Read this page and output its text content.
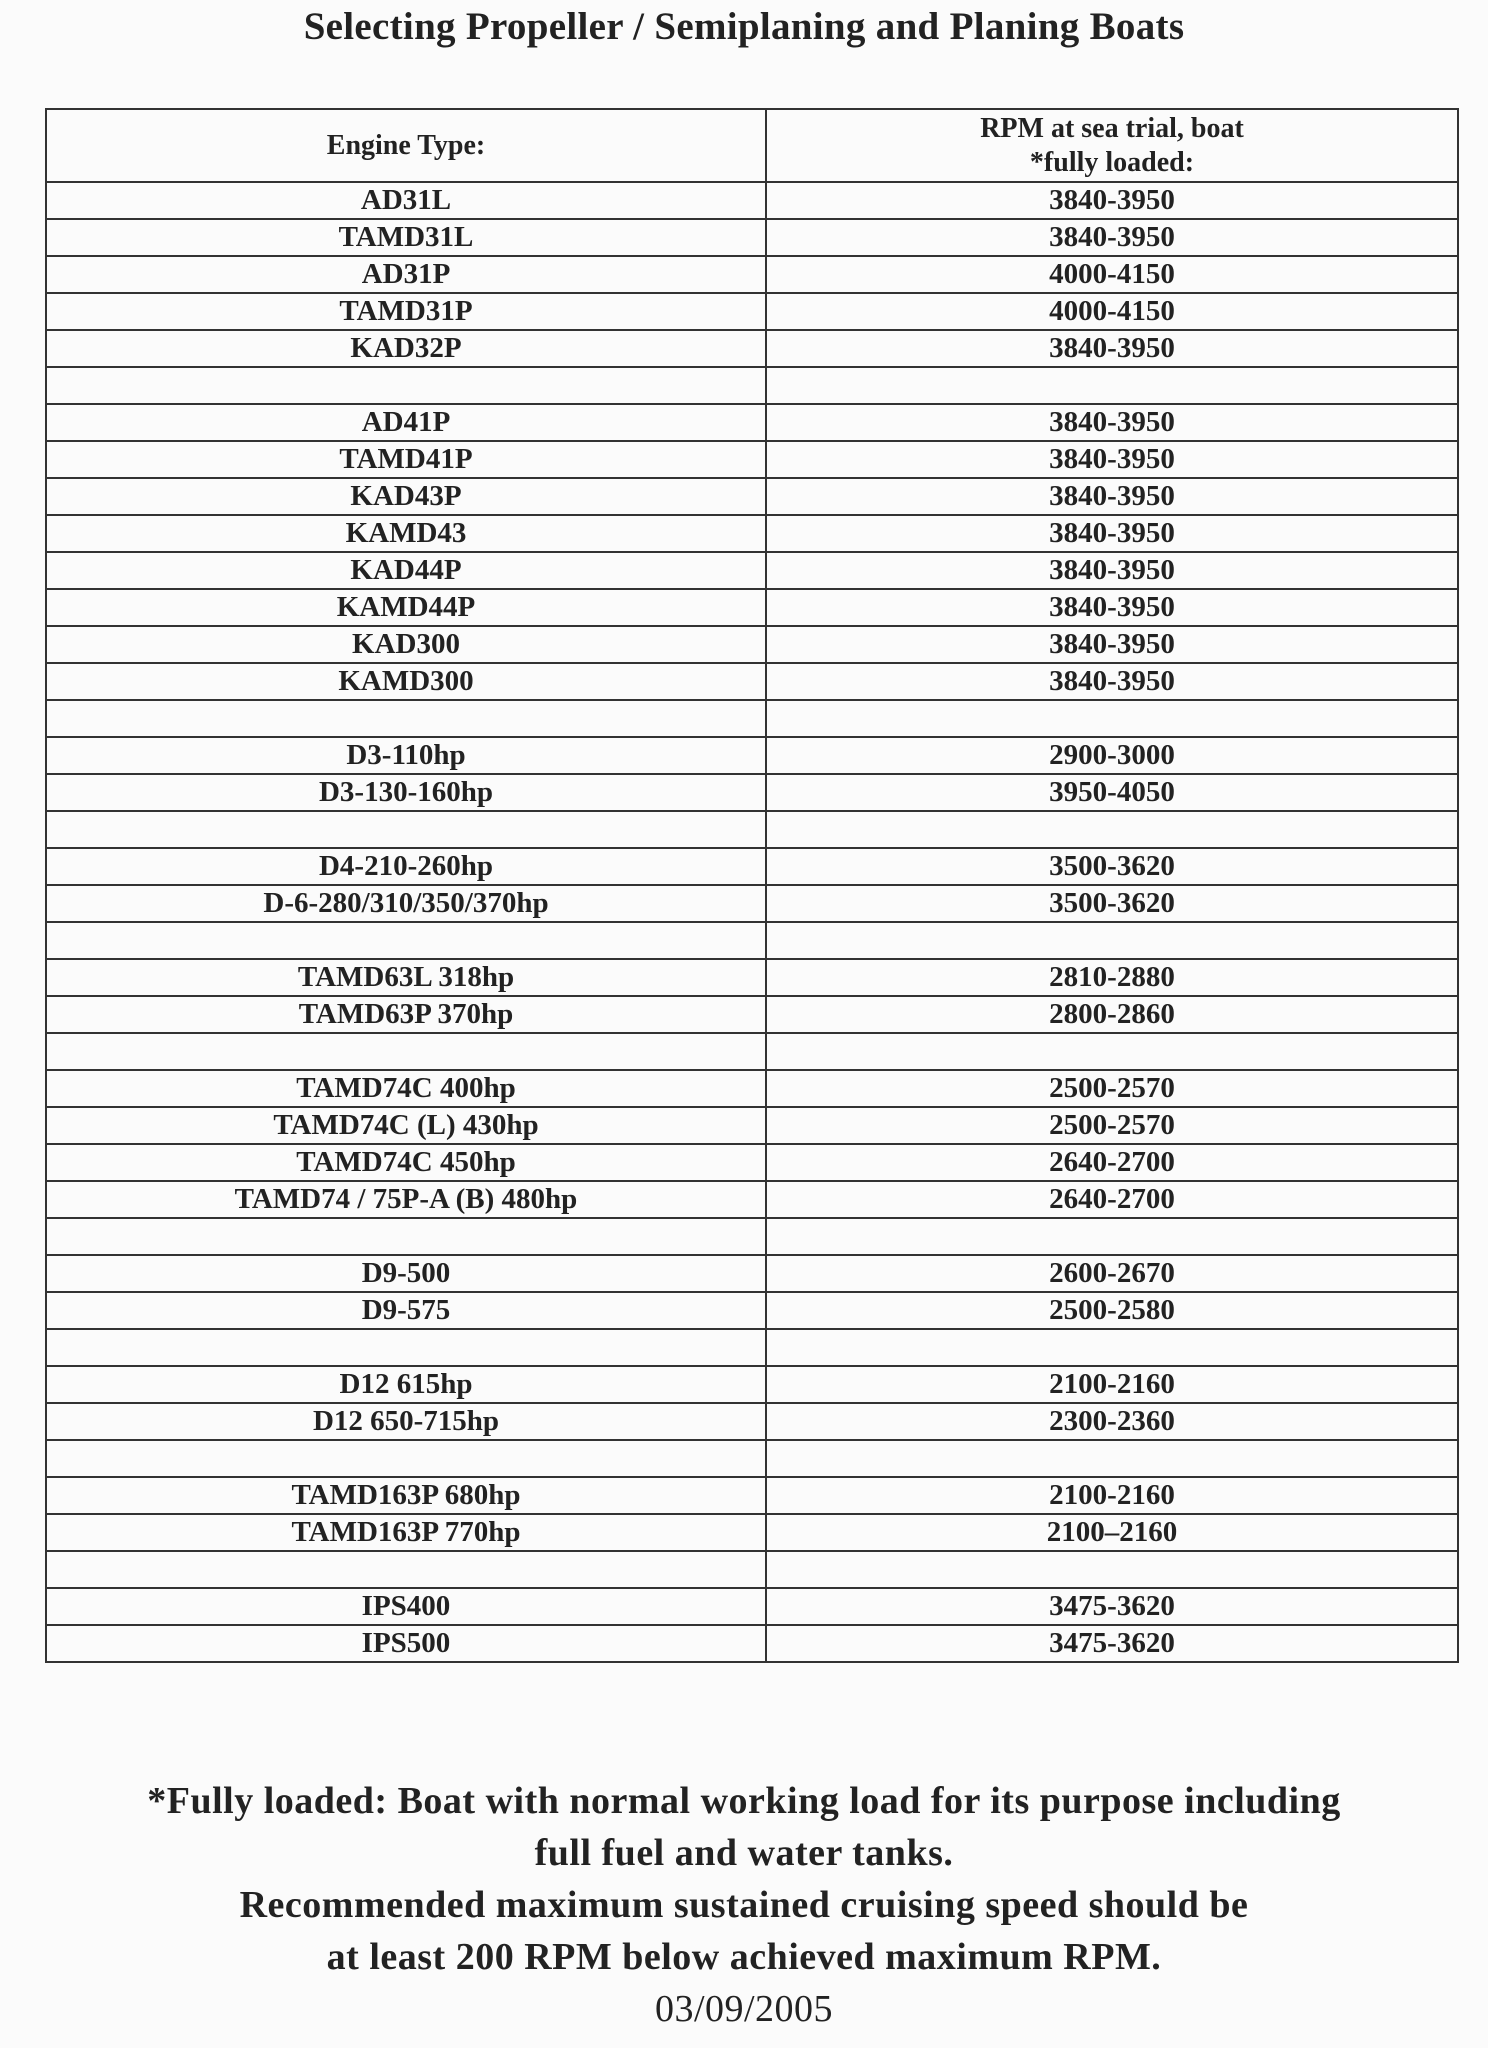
Selecting Propeller / Semiplaning and Planing Boats
Engine Type:	RPM at sea trial, boat
*fully loaded:

AD31L	3840-3950
TAMD31L	3840-3950
AD31P	4000-4150
TAMD31P	4000-4150
KAD32P	3840-3950

AD41P	3840-3950
TAMD41P	3840-3950
KAD43P	3840-3950
KAMD43	3840-3950
KAD44P	3840-3950
KAMD44P	3840-3950
KAD300	3840-3950
KAMD300	3840-3950

D3-110hp	2900-3000
D3-130-160hp	3950-4050

D4-210-260hp	3500-3620
D-6-280/310/350/370hp	3500-3620

TAMD63L 318hp	2810-2880
TAMD63P 370hp	2800-2860

TAMD74C 400hp	2500-2570
TAMD74C (L) 430hp	2500-2570
TAMD74C 450hp	2640-2700
TAMD74 / 75P-A (B) 480hp	2640-2700

D9-500	2600-2670
D9-575	2500-2580

D12 615hp	2100-2160
D12 650-715hp	2300-2360

TAMD163P 680hp	2100-2160
TAMD163P 770hp	2100–2160

IPS400	3475-3620
IPS500	3475-3620
*Fully loaded: Boat with normal working load for its purpose including
full fuel and water tanks.
Recommended maximum sustained cruising speed should be
at least 200 RPM below achieved maximum RPM.
03/09/2005
